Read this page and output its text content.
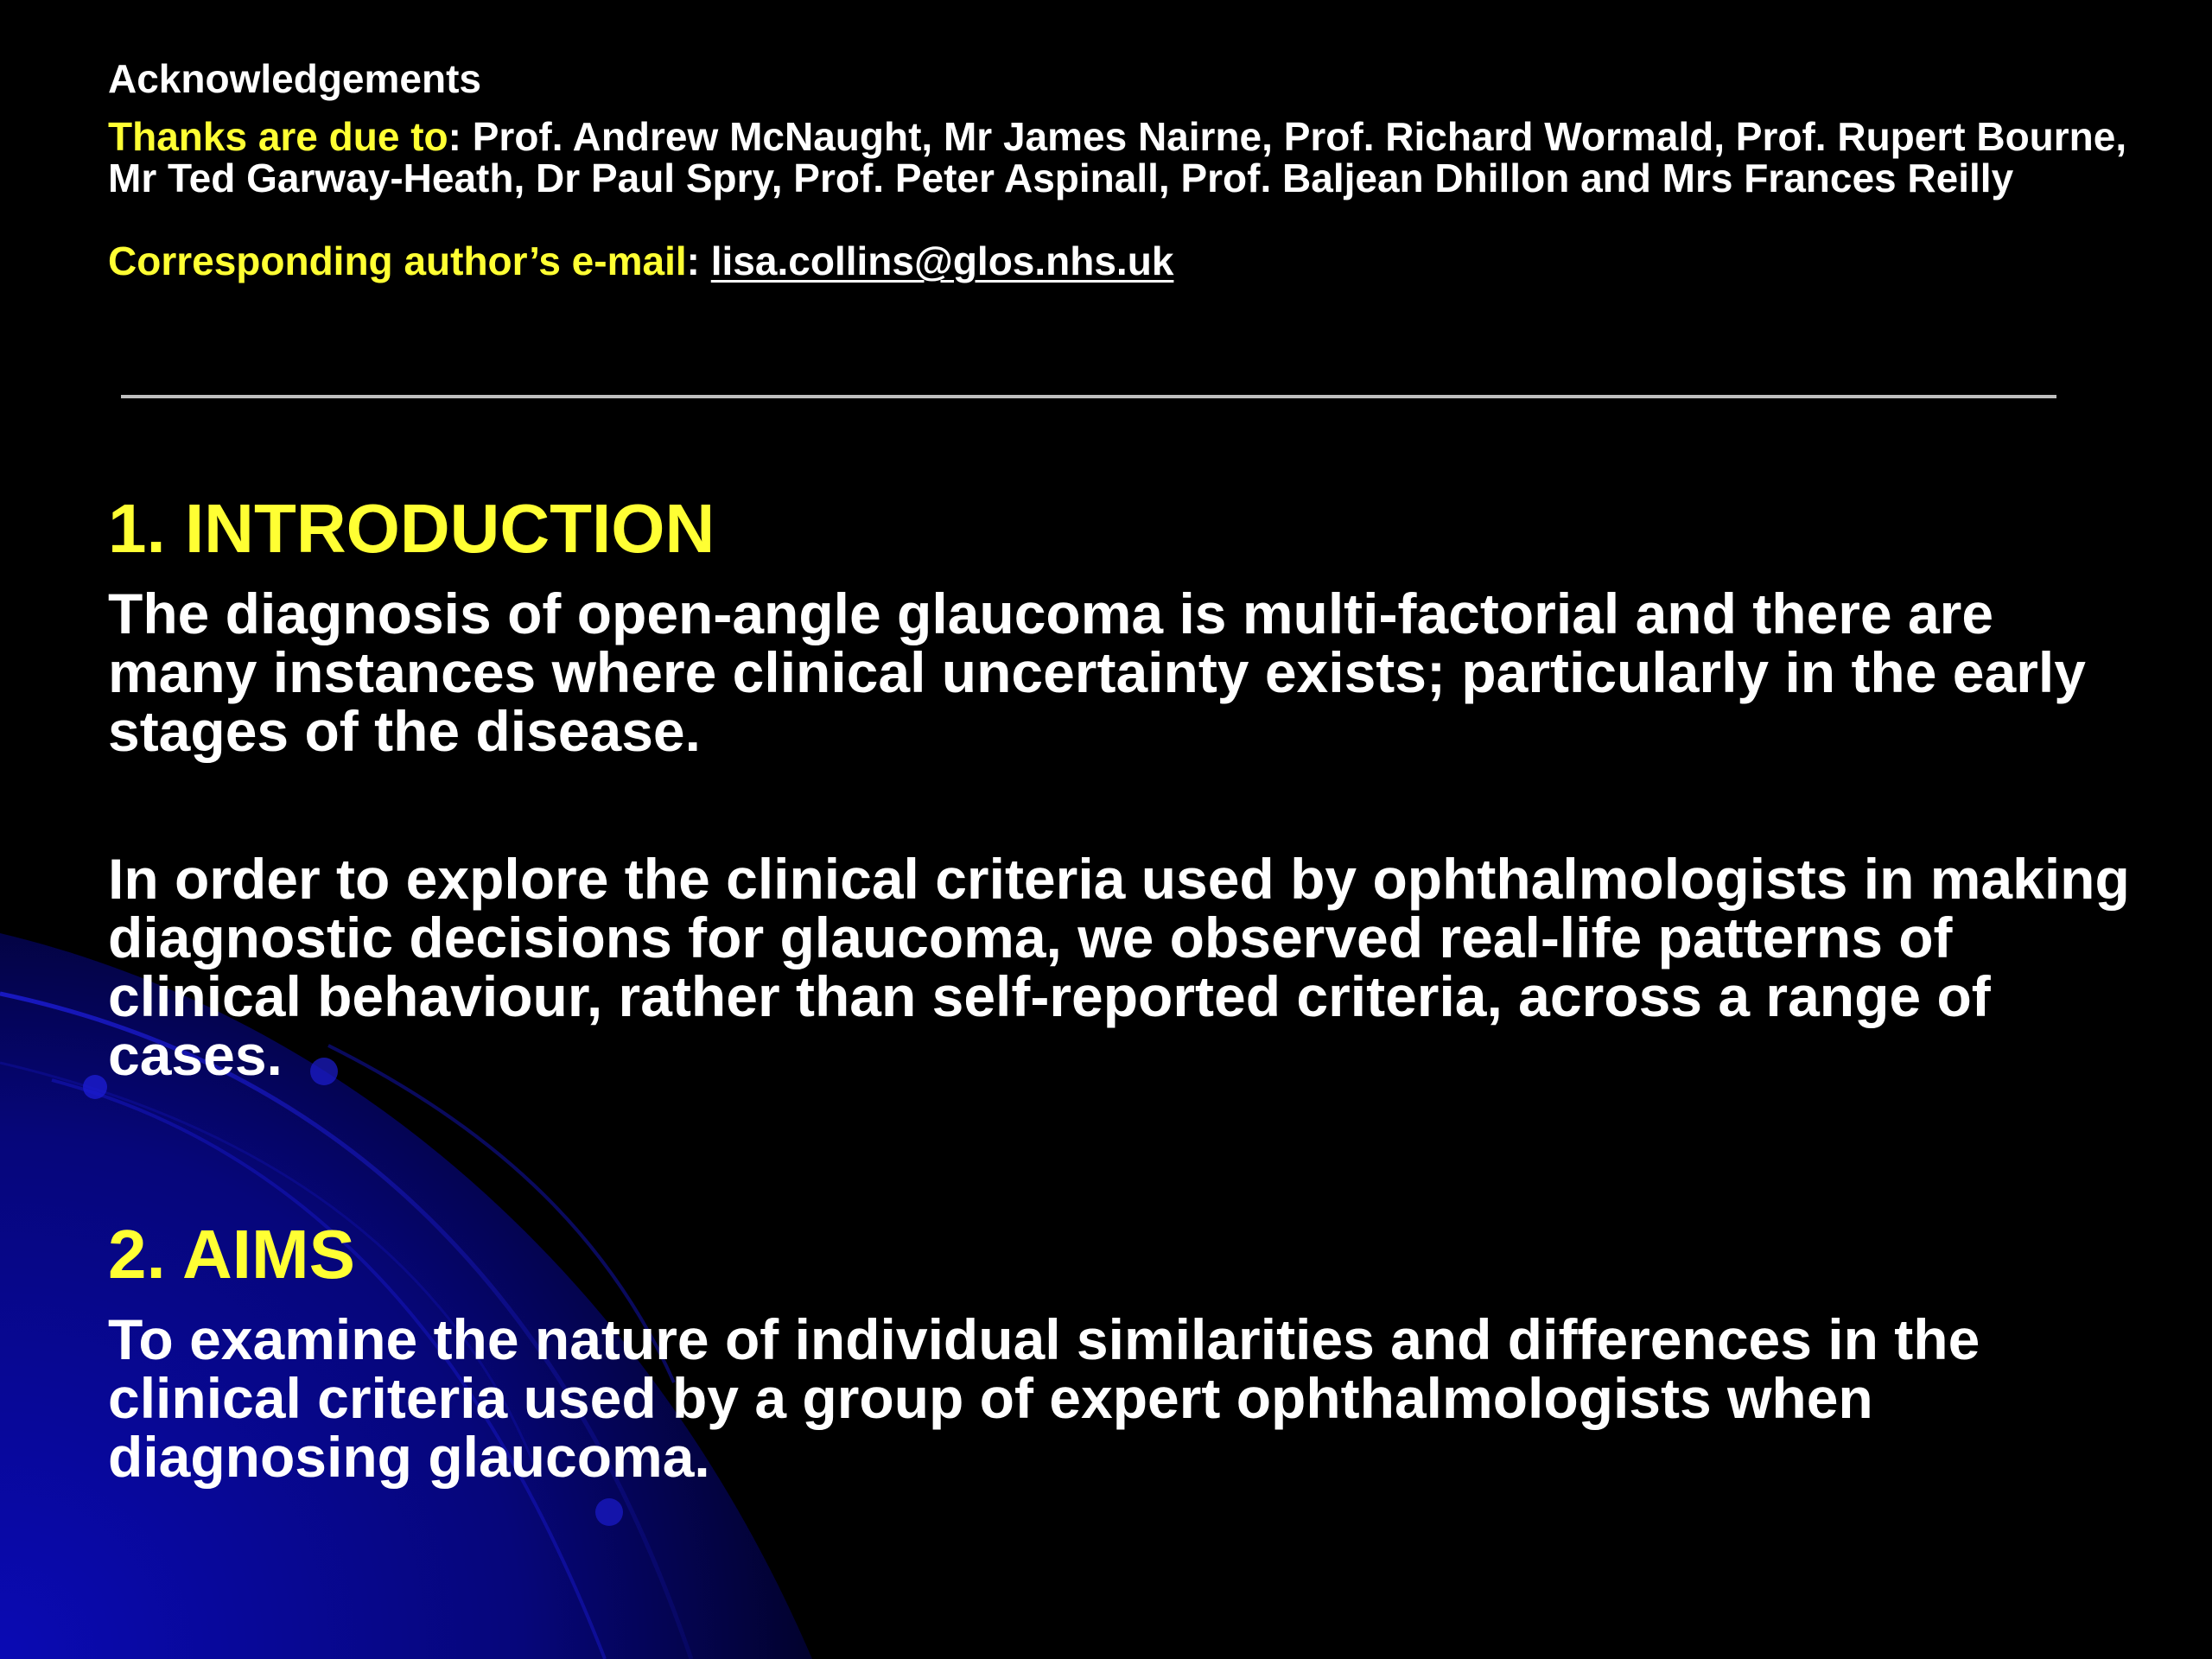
Acknowledgements
Thanks are due to: Prof. Andrew McNaught, Mr James Nairne, Prof. Richard Wormald, Prof. Rupert Bourne, Mr Ted Garway-Heath, Dr Paul Spry, Prof. Peter Aspinall, Prof. Baljean Dhillon and Mrs Frances Reilly
Corresponding author’s e-mail: lisa.collins@glos.nhs.uk
1. INTRODUCTION
The diagnosis of open-angle glaucoma is multi-factorial and there are many instances where clinical uncertainty exists; particularly in the early stages of the disease.
In order to explore the clinical criteria used by ophthalmologists in making diagnostic decisions for glaucoma, we observed real-life patterns of clinical behaviour, rather than self-reported criteria, across a range of cases.
2. AIMS
To examine the nature of individual similarities and differences in the clinical criteria used by a group of expert ophthalmologists when diagnosing glaucoma.
